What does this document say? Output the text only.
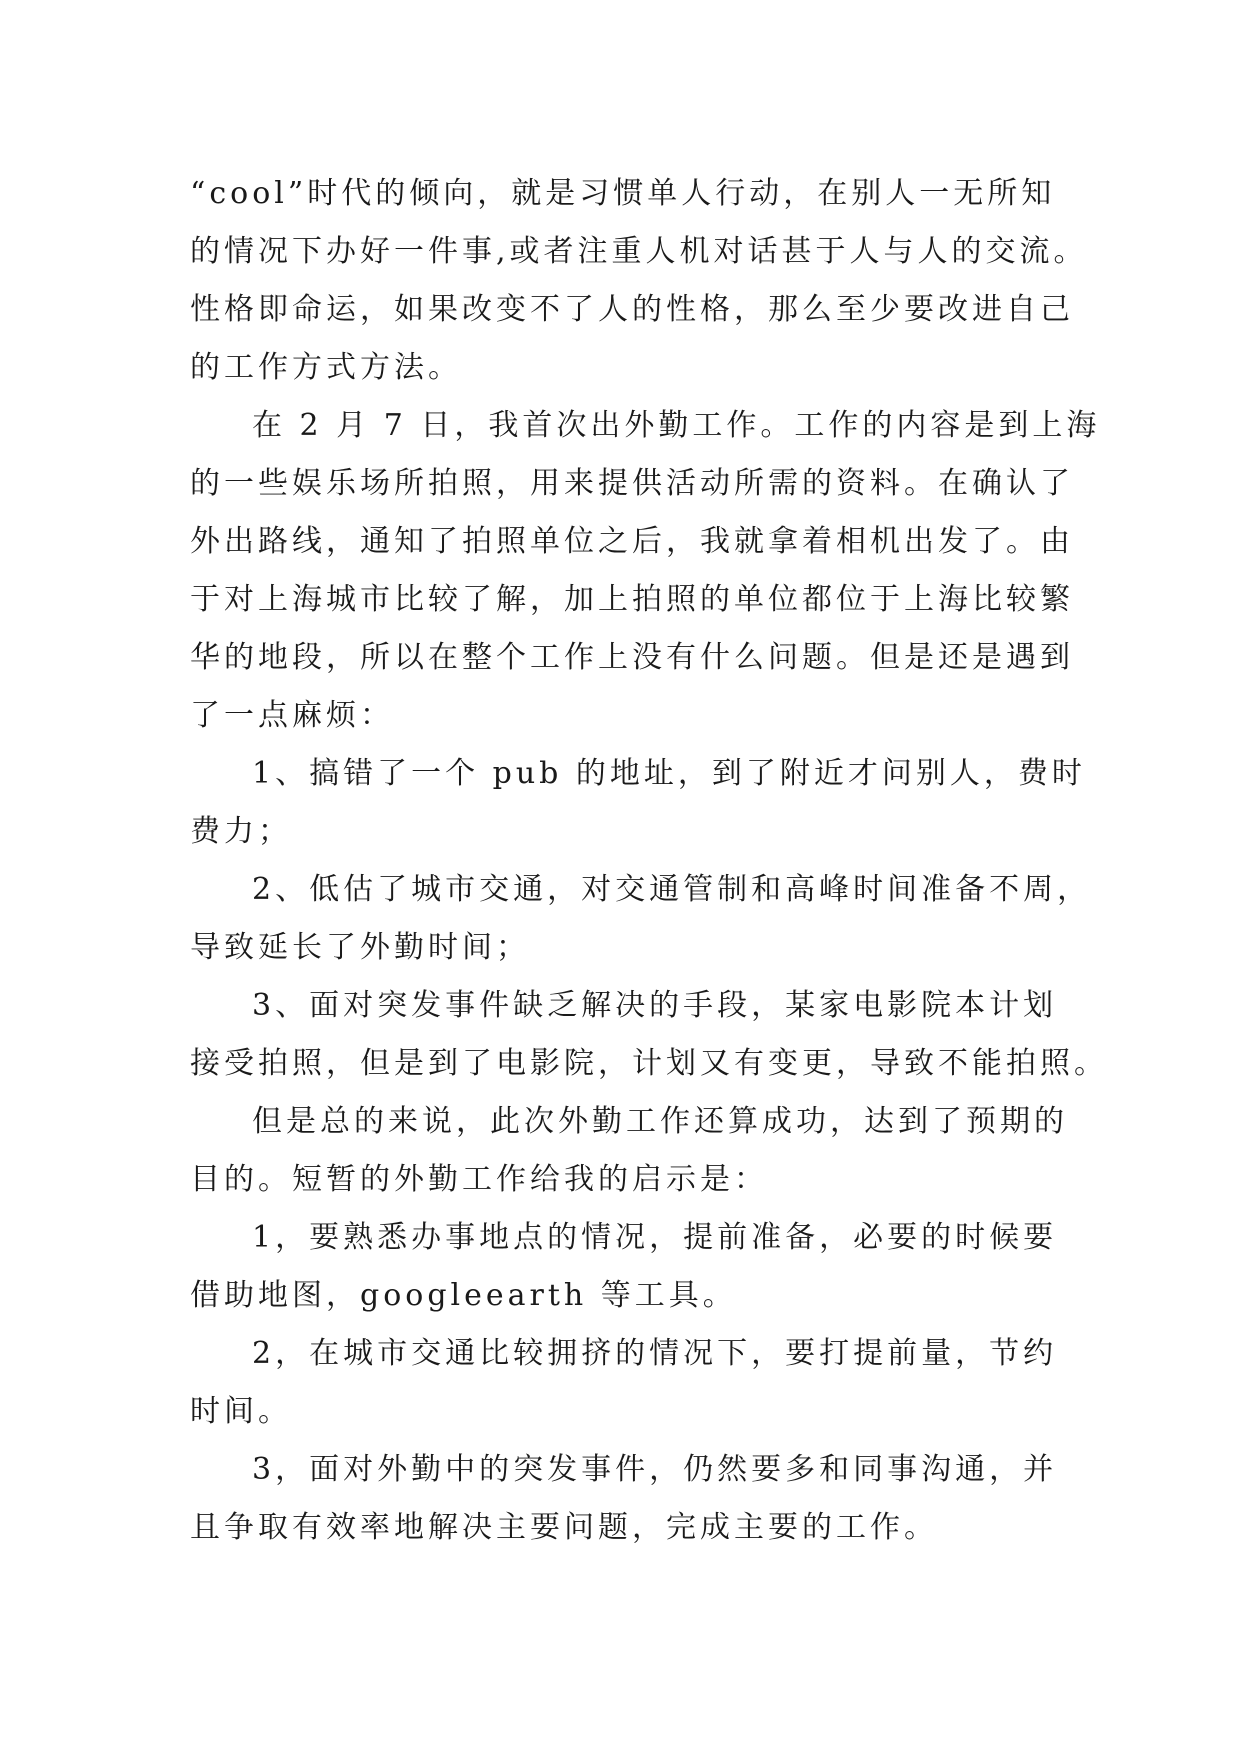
“cool”时代的倾向，就是习惯单人行动，在别人一无所知

的情况下办好一件事,或者注重人机对话甚于人与人的交流。

性格即命运，如果改变不了人的性格，那么至少要改进自己

的工作方式方法。

在 2 月 7 日，我首次出外勤工作。工作的内容是到上海

的一些娱乐场所拍照，用来提供活动所需的资料。在确认了

外出路线，通知了拍照单位之后，我就拿着相机出发了。由

于对上海城市比较了解，加上拍照的单位都位于上海比较繁

华的地段，所以在整个工作上没有什么问题。但是还是遇到

了一点麻烦：

1、搞错了一个 pub 的地址，到了附近才问别人，费时

费力；

2、低估了城市交通，对交通管制和高峰时间准备不周，

导致延长了外勤时间；

3、面对突发事件缺乏解决的手段，某家电影院本计划

接受拍照，但是到了电影院，计划又有变更，导致不能拍照。

但是总的来说，此次外勤工作还算成功，达到了预期的

目的。短暂的外勤工作给我的启示是：

1，要熟悉办事地点的情况，提前准备，必要的时候要

借助地图，googleearth 等工具。

2，在城市交通比较拥挤的情况下，要打提前量，节约

时间。

3，面对外勤中的突发事件，仍然要多和同事沟通，并

且争取有效率地解决主要问题，完成主要的工作。
